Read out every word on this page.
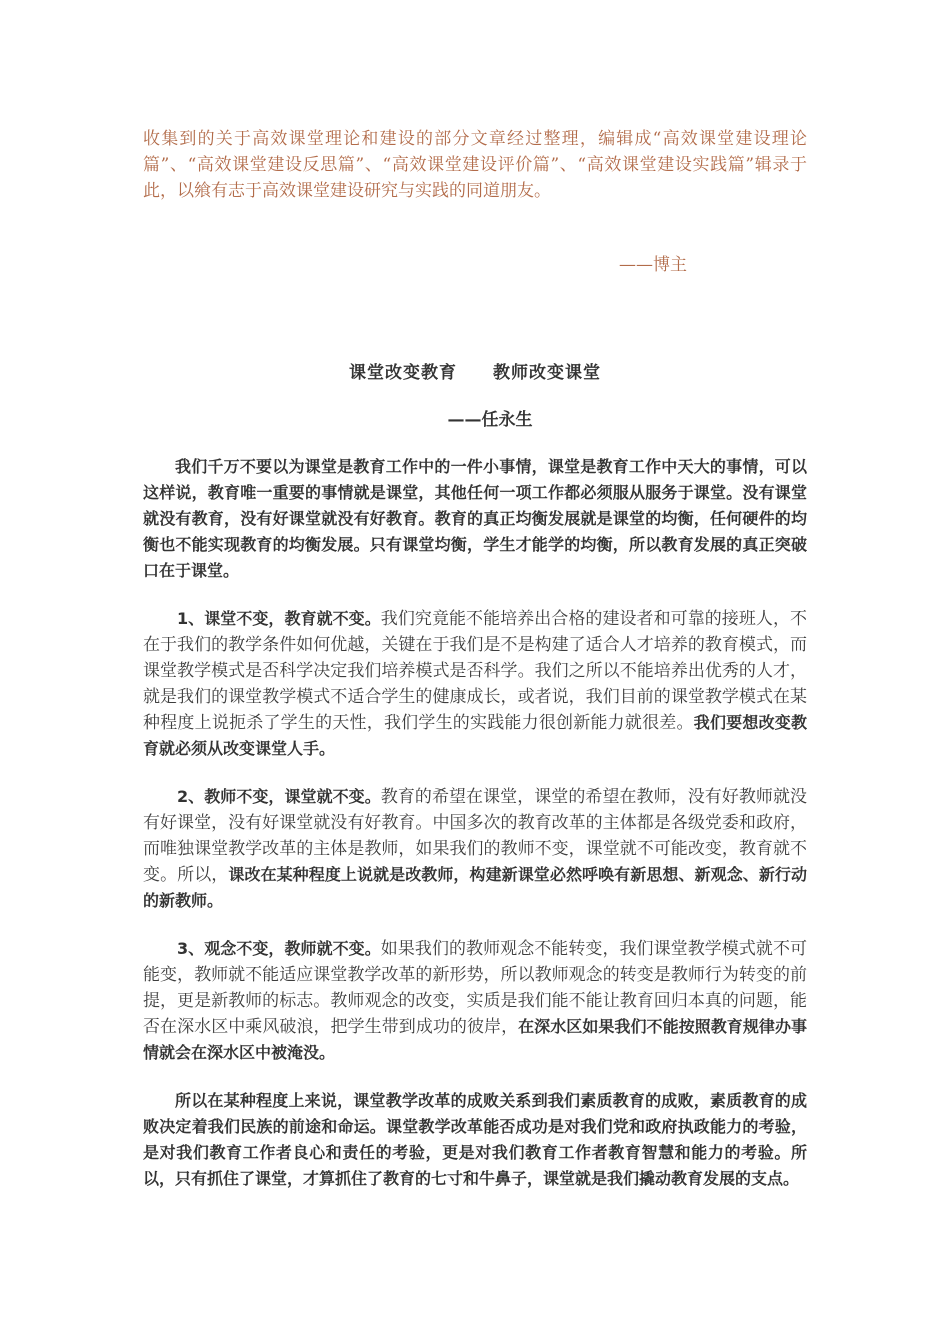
收集到的关于高效课堂理论和建设的部分文章经过整理，编辑成“高效课堂建设理论篇”、“高效课堂建设反思篇”、“高效课堂建设评价篇”、“高效课堂建设实践篇”辑录于此，以飨有志于高效课堂建设研究与实践的同道朋友。

——博主

课堂改变教育 教师改变课堂

——任永生

我们千万不要以为课堂是教育工作中的一件小事情，课堂是教育工作中天大的事情，可以这样说，教育唯一重要的事情就是课堂，其他任何一项工作都必须服从服务于课堂。没有课堂就没有教育，没有好课堂就没有好教育。教育的真正均衡发展就是课堂的均衡，任何硬件的均衡也不能实现教育的均衡发展。只有课堂均衡，学生才能学的均衡，所以教育发展的真正突破口在于课堂。

1、课堂不变，教育就不变。我们究竟能不能培养出合格的建设者和可靠的接班人，不在于我们的教学条件如何优越，关键在于我们是不是构建了适合人才培养的教育模式，而课堂教学模式是否科学决定我们培养模式是否科学。我们之所以不能培养出优秀的人才，就是我们的课堂教学模式不适合学生的健康成长，或者说，我们目前的课堂教学模式在某种程度上说扼杀了学生的天性，我们学生的实践能力很创新能力就很差。我们要想改变教育就必须从改变课堂人手。

2、教师不变，课堂就不变。教育的希望在课堂，课堂的希望在教师，没有好教师就没有好课堂，没有好课堂就没有好教育。中国多次的教育改革的主体都是各级党委和政府，而唯独课堂教学改革的主体是教师，如果我们的教师不变，课堂就不可能改变，教育就不变。所以，课改在某种程度上说就是改教师，构建新课堂必然呼唤有新思想、新观念、新行动的新教师。

3、观念不变，教师就不变。如果我们的教师观念不能转变，我们课堂教学模式就不可能变，教师就不能适应课堂教学改革的新形势，所以教师观念的转变是教师行为转变的前提，更是新教师的标志。教师观念的改变，实质是我们能不能让教育回归本真的问题，能否在深水区中乘风破浪，把学生带到成功的彼岸，在深水区如果我们不能按照教育规律办事情就会在深水区中被淹没。

所以在某种程度上来说，课堂教学改革的成败关系到我们素质教育的成败，素质教育的成败决定着我们民族的前途和命运。课堂教学改革能否成功是对我们党和政府执政能力的考验，是对我们教育工作者良心和责任的考验，更是对我们教育工作者教育智慧和能力的考验。所以，只有抓住了课堂，才算抓住了教育的七寸和牛鼻子，课堂就是我们撬动教育发展的支点。
